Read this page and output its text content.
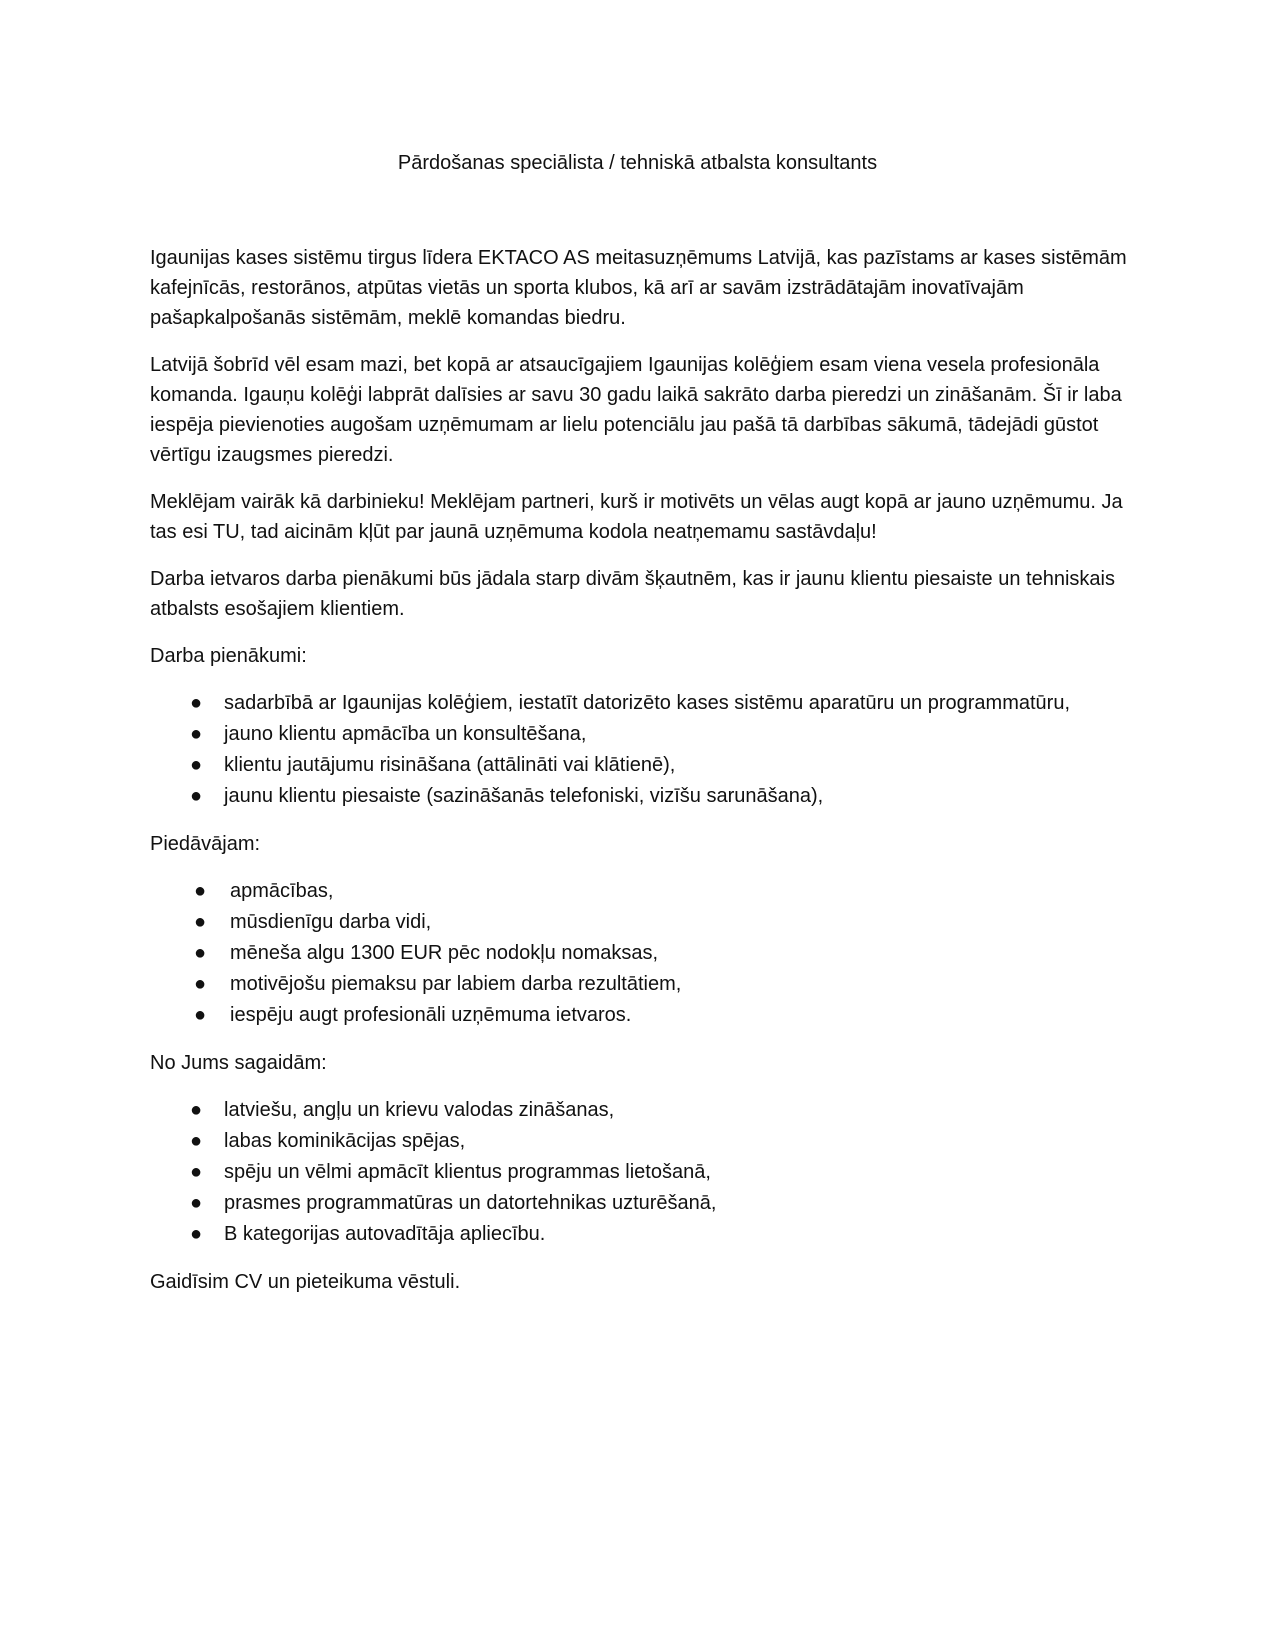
Pārdošanas speciālista / tehniskā atbalsta konsultants

Igaunijas kases sistēmu tirgus līdera EKTACO AS meitasuzņēmums Latvijā, kas pazīstams ar kases sistēmām kafejnīcās, restorānos, atpūtas vietās un sporta klubos, kā arī ar savām izstrādātajām inovatīvajām pašapkalpošanās sistēmām, meklē komandas biedru.

Latvijā šobrīd vēl esam mazi, bet kopā ar atsaucīgajiem Igaunijas kolēģiem esam viena vesela profesionāla komanda. Igauņu kolēģi labprāt dalīsies ar savu 30 gadu laikā sakrāto darba pieredzi un zināšanām. Šī ir laba iespēja pievienoties augošam uzņēmumam ar lielu potenciālu jau pašā tā darbības sākumā, tādejādi gūstot vērtīgu izaugsmes pieredzi.

Meklējam vairāk kā darbinieku! Meklējam partneri, kurš ir motivēts un vēlas augt kopā ar jauno uzņēmumu. Ja tas esi TU, tad aicinām kļūt par jaunā uzņēmuma kodola neatņemamu sastāvdaļu!

Darba ietvaros darba pienākumi būs jādala starp divām šķautnēm, kas ir jaunu klientu piesaiste un tehniskais atbalsts esošajiem klientiem.

Darba pienākumi:

● sadarbībā ar Igaunijas kolēģiem, iestatīt datorizēto kases sistēmu aparatūru un programmatūru,
● jauno klientu apmācība un konsultēšana,
● klientu jautājumu risināšana (attālināti vai klātienē),
● jaunu klientu piesaiste (sazināšanās telefoniski, vizīšu sarunāšana),

Piedāvājam:

● apmācības,
● mūsdienīgu darba vidi,
● mēneša algu 1300 EUR pēc nodokļu nomaksas,
● motivējošu piemaksu par labiem darba rezultātiem,
● iespēju augt profesionāli uzņēmuma ietvaros.

No Jums sagaidām:

● latviešu, angļu un krievu valodas zināšanas,
● labas kominikācijas spējas,
● spēju un vēlmi apmācīt klientus programmas lietošanā,
● prasmes programmatūras un datortehnikas uzturēšanā,
● B kategorijas autovadītāja apliecību.

Gaidīsim CV un pieteikuma vēstuli.
